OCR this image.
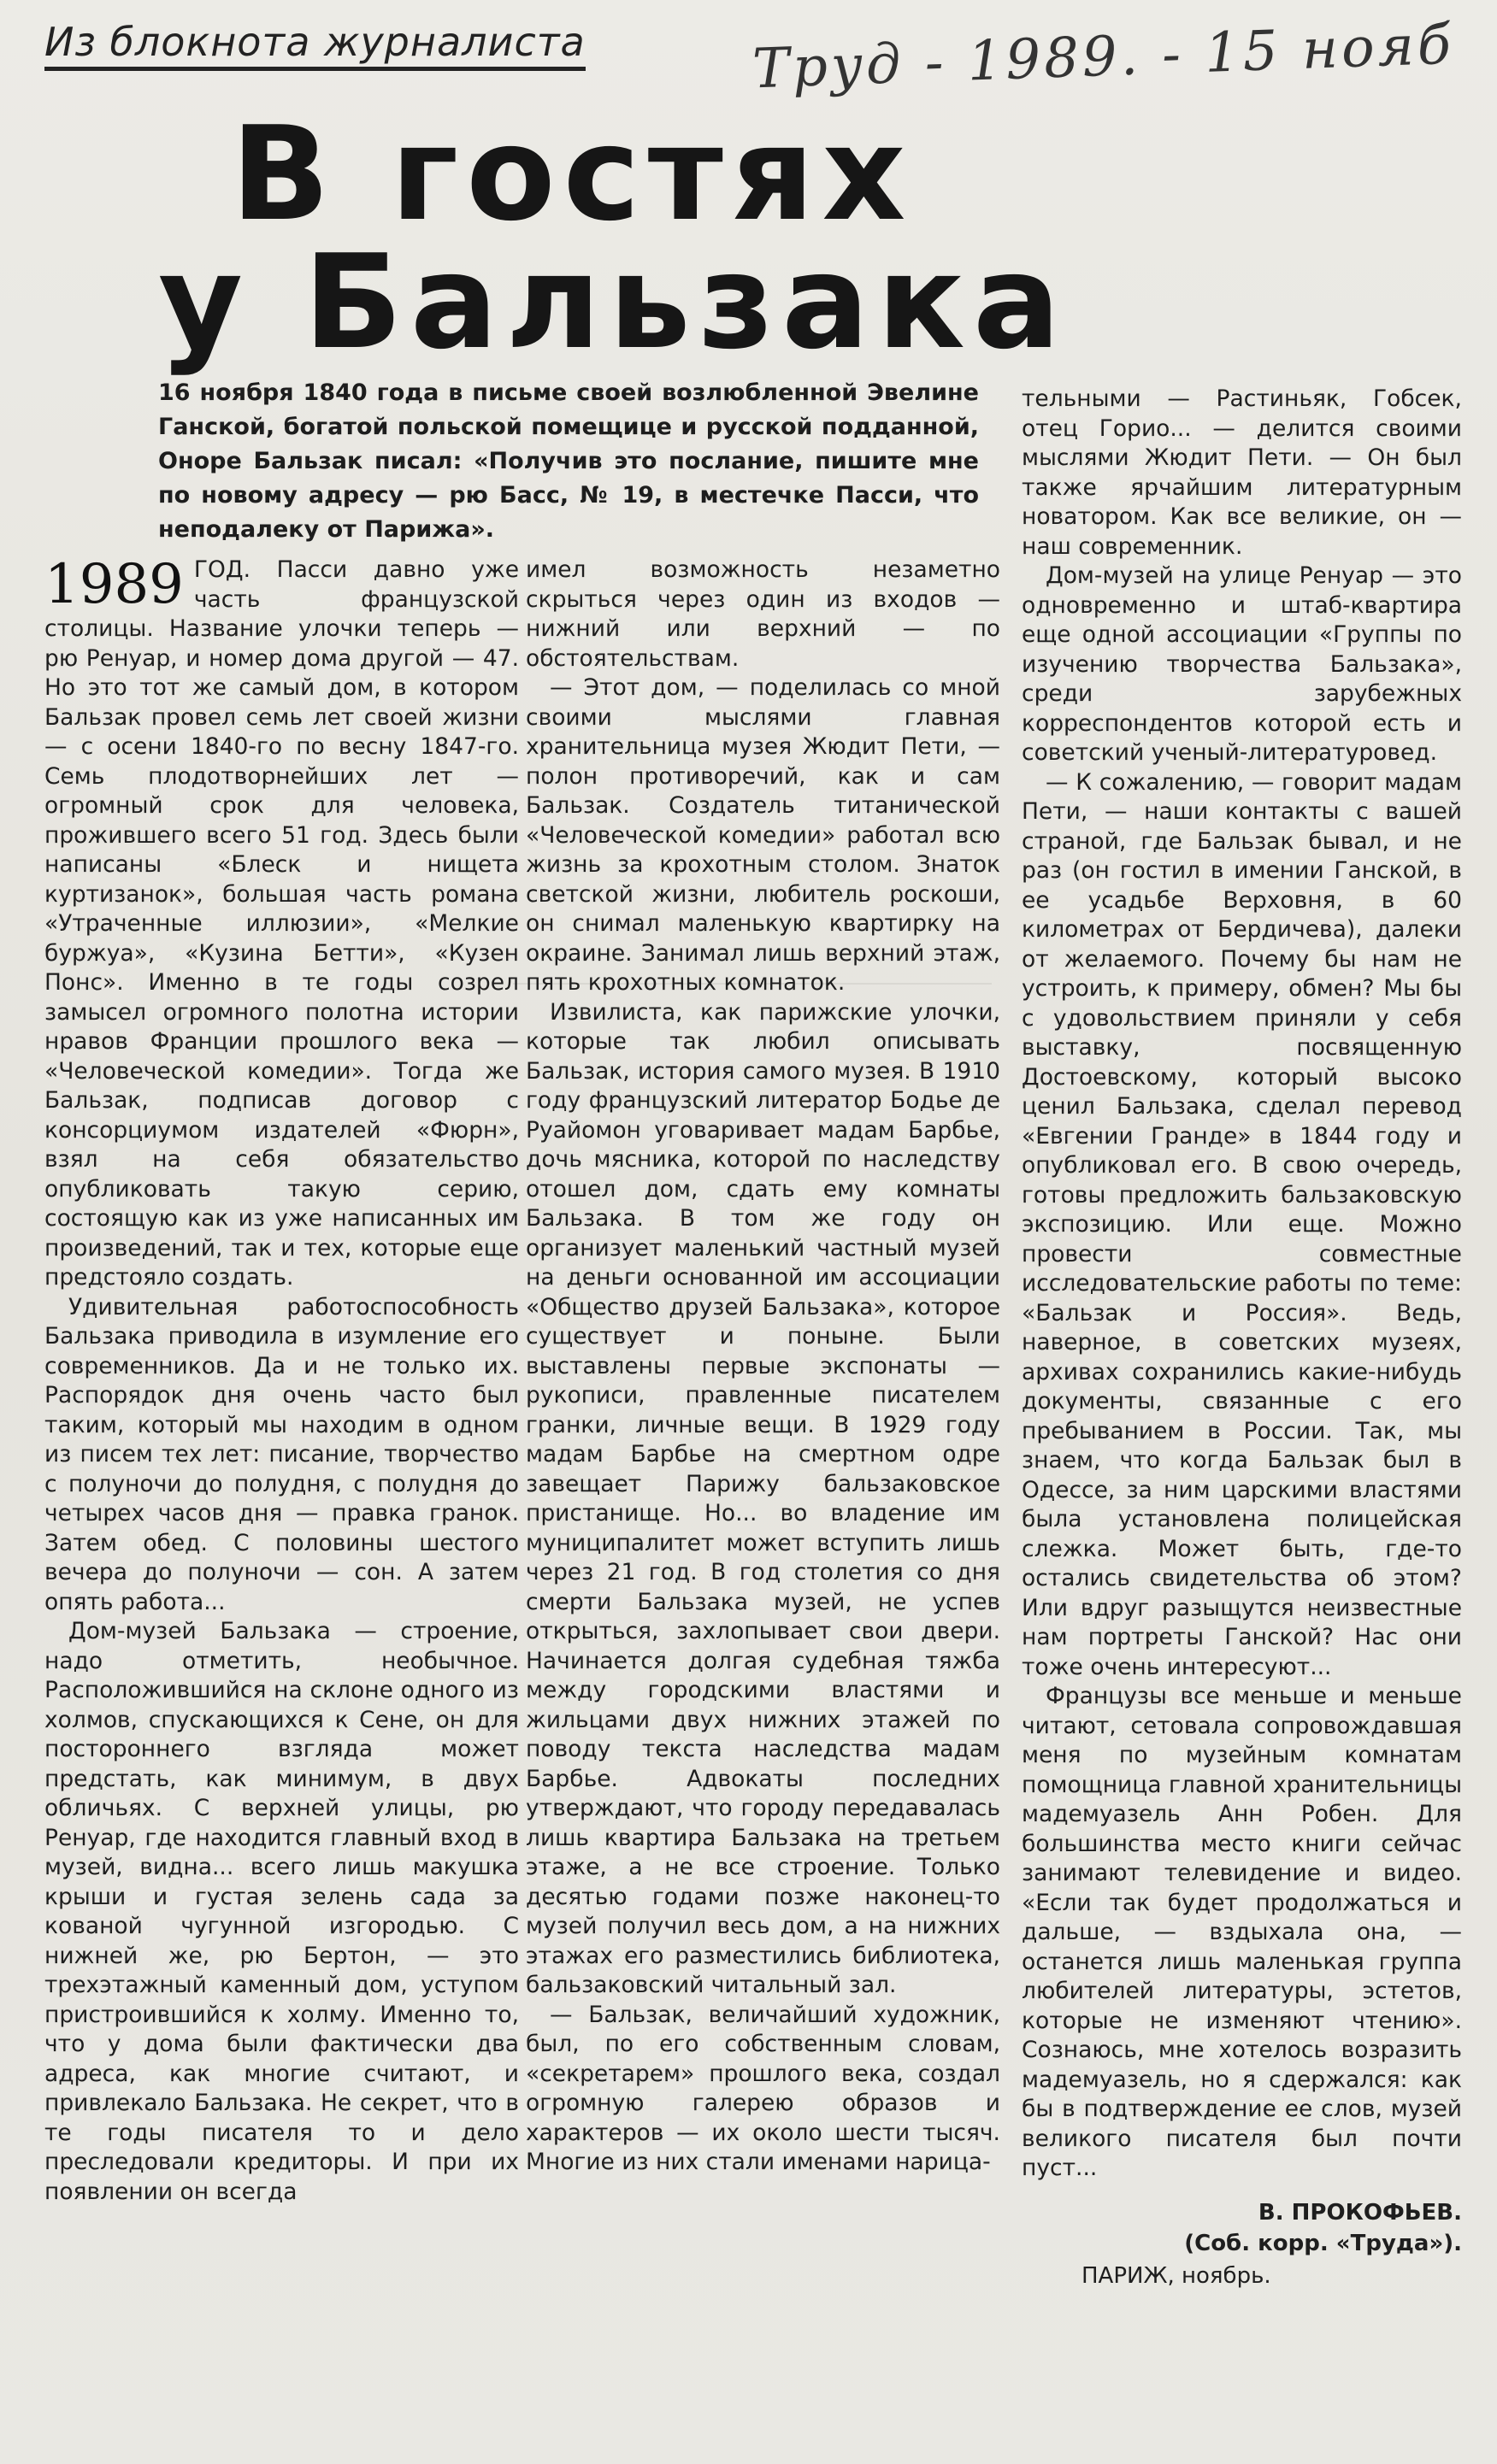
Из блокнота журналиста	Труд - 1989. - 15 нояб
В гостях
у Бальзака
16 ноября 1840 года в письме своей возлюбленной Эвелине Ганской, богатой польской помещице и русской подданной, Оноре Бальзак писал: «Получив это послание, пишите мне по новому адресу — рю Басс, № 19, в местечке Пасси, что неподалеку от Парижа».
1989 ГОД. Пасси давно уже часть французской столицы. Название улочки теперь — рю Ренуар, и номер дома другой — 47. Но это тот же самый дом, в котором Бальзак провел семь лет своей жизни — с осени 1840-го по весну 1847-го. Семь плодотворнейших лет — огромный срок для человека, прожившего всего 51 год. Здесь были написаны «Блеск и нищета куртизанок», большая часть романа «Утраченные иллюзии», «Мелкие буржуа», «Кузина Бетти», «Кузен Понс». Именно в те годы созрел замысел огромного полотна истории нравов Франции прошлого века — «Человеческой комедии». Тогда же Бальзак, подписав договор с консорциумом издателей «Фюрн», взял на себя обязательство опубликовать такую серию, состоящую как из уже написанных им произведений, так и тех, которые еще предстояло создать.

Удивительная работоспособность Бальзака приводила в изумление его современников. Да и не только их. Распорядок дня очень часто был таким, который мы находим в одном из писем тех лет: писание, творчество с полуночи до полудня, с полудня до четырех часов дня — правка гранок. Затем обед. С половины шестого вечера до полуночи — сон. А затем опять работа...

Дом-музей Бальзака — строение, надо отметить, необычное. Расположившийся на склоне одного из холмов, спускающихся к Сене, он для постороннего взгляда может предстать, как минимум, в двух обличьях. С верхней улицы, рю Ренуар, где находится главный вход в музей, видна... всего лишь макушка крыши и густая зелень сада за кованой чугунной изгородью. С нижней же, рю Бертон, — это трехэтажный каменный дом, уступом пристроившийся к холму. Именно то, что у дома были фактически два адреса, как многие считают, и привлекало Бальзака. Не секрет, что в те годы писателя то и дело преследовали кредиторы. И при их появлении он всегда

имел возможность незаметно скрыться через один из входов — нижний или верхний — по обстоятельствам.

— Этот дом, — поделилась со мной своими мыслями главная хранительница музея Жюдит Пети, — полон противоречий, как и сам Бальзак. Создатель титанической «Человеческой комедии» работал всю жизнь за крохотным столом. Знаток светской жизни, любитель роскоши, он снимал маленькую квартирку на окраине. Занимал лишь верхний этаж, пять крохотных комнаток.

Извилиста, как парижские улочки, которые так любил описывать Бальзак, история самого музея. В 1910 году французский литератор Бодье де Руайомон уговаривает мадам Барбье, дочь мясника, которой по наследству отошел дом, сдать ему комнаты Бальзака. В том же году он организует маленький частный музей на деньги основанной им ассоциации «Общество друзей Бальзака», которое существует и поныне. Были выставлены первые экспонаты — рукописи, правленные писателем гранки, личные вещи. В 1929 году мадам Барбье на смертном одре завещает Парижу бальзаковское пристанище. Но... во владение им муниципалитет может вступить лишь через 21 год. В год столетия со дня смерти Бальзака музей, не успев открыться, захлопывает свои двери. Начинается долгая судебная тяжба между городскими властями и жильцами двух нижних этажей по поводу текста наследства мадам Барбье. Адвокаты последних утверждают, что городу передавалась лишь квартира Бальзака на третьем этаже, а не все строение. Только десятью годами позже наконец-то музей получил весь дом, а на нижних этажах его разместились библиотека, бальзаковский читальный зал.

— Бальзак, величайший художник, был, по его собственным словам, «секретарем» прошлого века, создал огромную галерею образов и характеров — их около шести тысяч. Многие из них стали именами нарица-

тельными — Растиньяк, Гобсек, отец Горио... — делится своими мыслями Жюдит Пети. — Он был также ярчайшим литературным новатором. Как все великие, он — наш современник.

Дом-музей на улице Ренуар — это одновременно и штаб-квартира еще одной ассоциации «Группы по изучению творчества Бальзака», среди зарубежных корреспондентов которой есть и советский ученый-литературовед.

— К сожалению, — говорит мадам Пети, — наши контакты с вашей страной, где Бальзак бывал, и не раз (он гостил в имении Ганской, в ее усадьбе Верховня, в 60 километрах от Бердичева), далеки от желаемого. Почему бы нам не устроить, к примеру, обмен? Мы бы с удовольствием приняли у себя выставку, посвященную Достоевскому, который высоко ценил Бальзака, сделал перевод «Евгении Гранде» в 1844 году и опубликовал его. В свою очередь, готовы предложить бальзаковскую экспозицию. Или еще. Можно провести совместные исследовательские работы по теме: «Бальзак и Россия». Ведь, наверное, в советских музеях, архивах сохранились какие-нибудь документы, связанные с его пребыванием в России. Так, мы знаем, что когда Бальзак был в Одессе, за ним царскими властями была установлена полицейская слежка. Может быть, где-то остались свидетельства об этом? Или вдруг разыщутся неизвестные нам портреты Ганской? Нас они тоже очень интересуют...

Французы все меньше и меньше читают, сетовала сопровождавшая меня по музейным комнатам помощница главной хранительницы мадемуазель Анн Робен. Для большинства место книги сейчас занимают телевидение и видео. «Если так будет продолжаться и дальше, — вздыхала она, — останется лишь маленькая группа любителей литературы, эстетов, которые не изменяют чтению». Сознаюсь, мне хотелось возразить мадемуазель, но я сдержался: как бы в подтверждение ее слов, музей великого писателя был почти пуст...

В. ПРОКОФЬЕВ.
(Соб. корр. «Труда»).
ПАРИЖ, ноябрь.
